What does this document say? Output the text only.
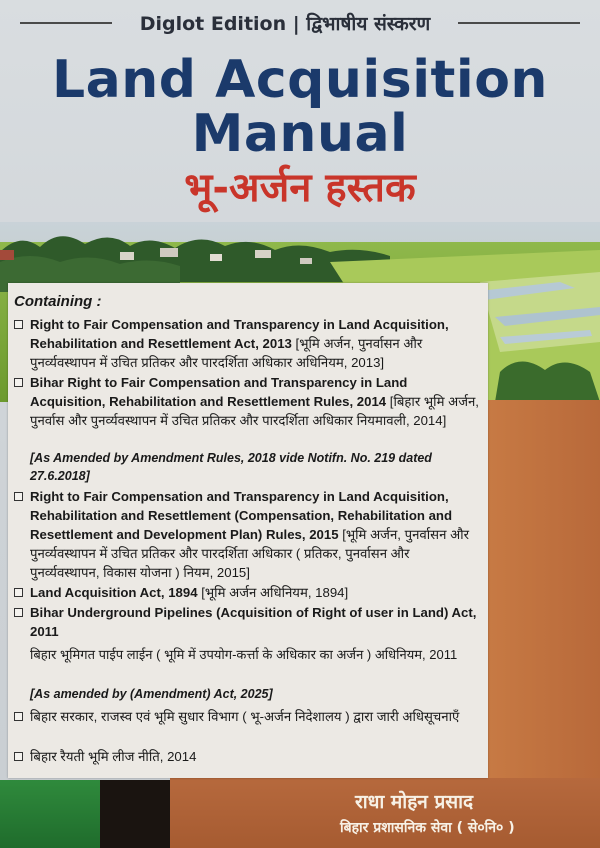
Diglot Edition | द्विभाषीय संस्करण
Land Acquisition
Manual
भू-अर्जन हस्तक
राधा मोहन प्रसाद
बिहार प्रशासनिक सेवा ( से०नि० )
Containing :
Right to Fair Compensation and Transparency in Land Acquisition, Rehabilitation and Resettlement Act, 2013 [भूमि अर्जन, पुनर्वासन और पुनर्व्यवस्थापन में उचित प्रतिकर और पारदर्शिता अधिकार अधिनियम, 2013]
Bihar Right to Fair Compensation and Transparency in Land Acquisition, Rehabilitation and Resettlement Rules, 2014 [बिहार भूमि अर्जन, पुनर्वास और पुनर्व्यवस्थापन में उचित प्रतिकर और पारदर्शिता अधिकार नियमावली, 2014]
[As Amended by Amendment Rules, 2018 vide Notifn. No. 219 dated 27.6.2018]
Right to Fair Compensation and Transparency in Land Acquisition, Rehabilitation and Resettlement (Compensation, Rehabilitation and Resettlement and Development Plan) Rules, 2015 [भूमि अर्जन, पुनर्वासन और पुनर्व्यवस्थापन में उचित प्रतिकर और पारदर्शिता अधिकार ( प्रतिकर, पुनर्वासन और पुनर्व्यवस्थापन, विकास योजना ) नियम, 2015]
Land Acquisition Act, 1894 [भूमि अर्जन अधिनियम, 1894]
Bihar Underground Pipelines (Acquisition of Right of user in Land) Act, 2011
बिहार भूमिगत पाईप लाईन ( भूमि में उपयोग-कर्त्ता के अधिकार का अर्जन ) अधिनियम, 2011
[As amended by (Amendment) Act, 2025]
बिहार सरकार, राजस्व एवं भूमि सुधार विभाग ( भू-अर्जन निदेशालय ) द्वारा जारी अधिसूचनाएँ
बिहार रैयती भूमि लीज नीति, 2014
